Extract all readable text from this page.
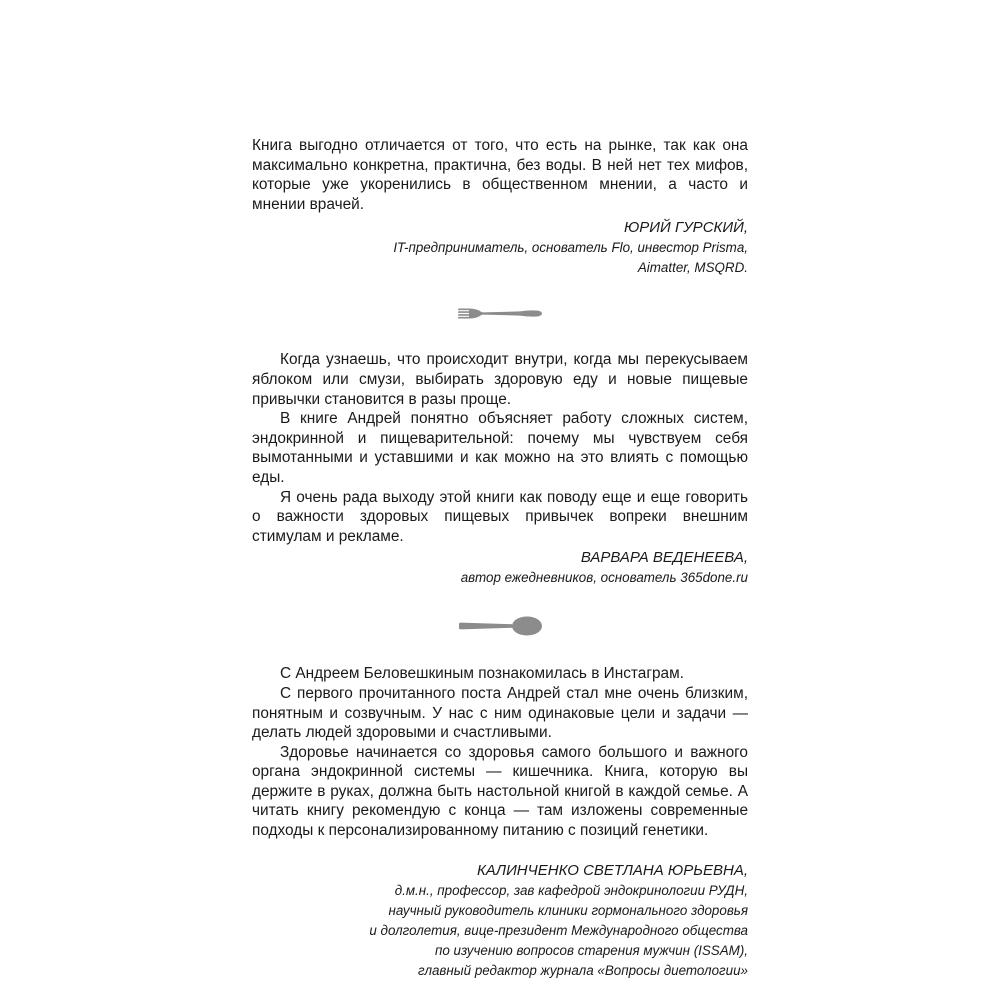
Книга выгодно отличается от того, что есть на рынке, так как она максимально конкретна, практична, без воды. В ней нет тех мифов, которые уже укоренились в общественном мнении, а часто и мнении врачей.

ЮРИЙ ГУРСКИЙ,

IT-предприниматель, основатель Flo, инвестор Prisma,

Aimatter, MSQRD.

Когда узнаешь, что происходит внутри, когда мы перекусываем яблоком или смузи, выбирать здоровую еду и новые пищевые привычки становится в разы проще.

В книге Андрей понятно объясняет работу сложных систем, эндокринной и пищеварительной: почему мы чувствуем себя вымотанными и уставшими и как можно на это влиять с помощью еды.

Я очень рада выходу этой книги как поводу еще и еще говорить о важности здоровых пищевых привычек вопреки внешним стимулам и рекламе.

ВАРВАРА ВЕДЕНЕЕВА,

автор ежедневников, основатель 365done.ru

С Андреем Беловешкиным познакомилась в Инстаграм.

С первого прочитанного поста Андрей стал мне очень близким, понятным и созвучным. У нас с ним одинаковые цели и задачи — делать людей здоровыми и счастливыми.

Здоровье начинается со здоровья самого большого и важного органа эндокринной системы — кишечника. Книга, которую вы держите в руках, должна быть настольной книгой в каждой семье. А читать книгу рекомендую с конца — там изложены современные подходы к персонализированному питанию с позиций генетики.

КАЛИНЧЕНКО СВЕТЛАНА ЮРЬЕВНА,

д.м.н., профессор, зав кафедрой эндокринологии РУДН,

научный руководитель клиники гормонального здоровья

и долголетия, вице-президент Международного общества

по изучению вопросов старения мужчин (ISSAM),

главный редактор журнала «Вопросы диетологии»
